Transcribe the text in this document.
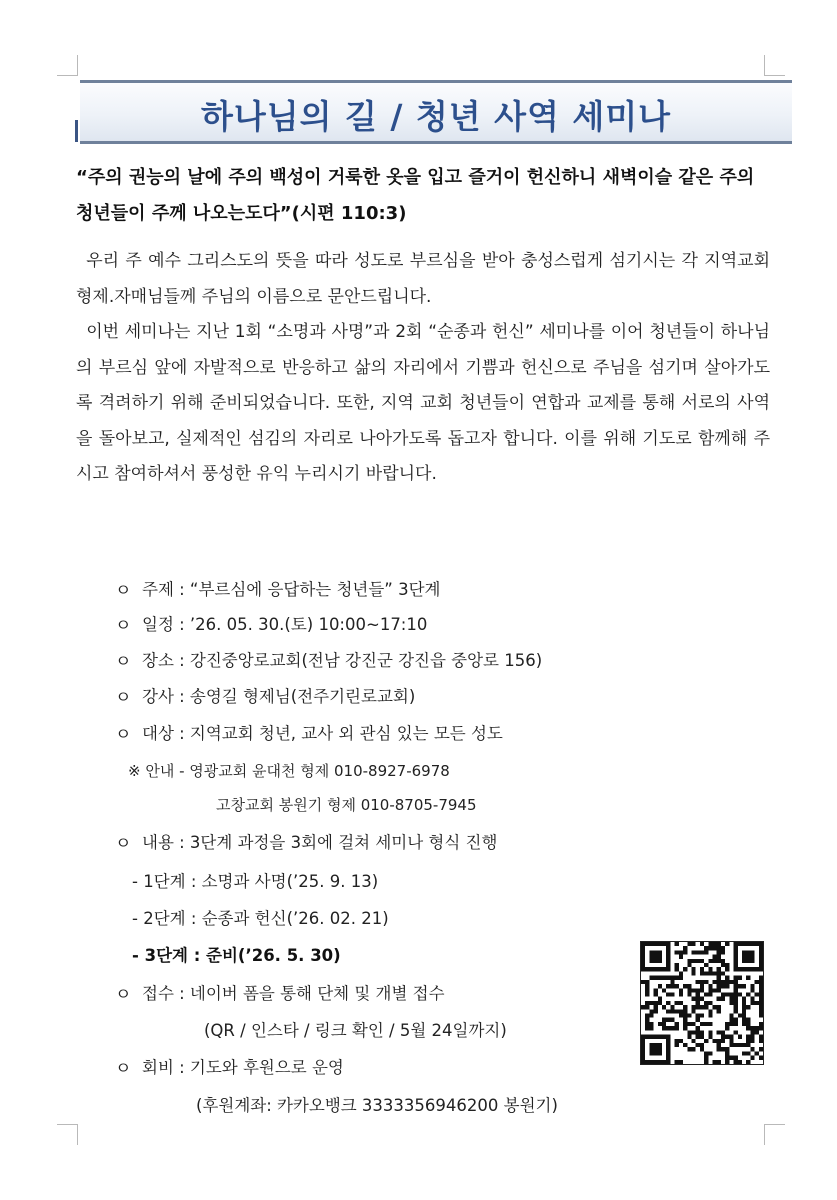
하나님의 길 / 청년 사역 세미나
“주의 권능의 날에 주의 백성이 거룩한 옷을 입고 즐거이 헌신하니 새벽이슬 같은 주의 청년들이 주께 나오는도다”(시편 110:3)

우리 주 예수 그리스도의 뜻을 따라 성도로 부르심을 받아 충성스럽게 섬기시는 각 지역교회 형제.자매님들께 주님의 이름으로 문안드립니다.

이번 세미나는 지난 1회 “소명과 사명”과 2회 “순종과 헌신” 세미나를 이어 청년들이 하나님의 부르심 앞에 자발적으로 반응하고 삶의 자리에서 기쁨과 헌신으로 주님을 섬기며 살아가도록 격려하기 위해 준비되었습니다. 또한, 지역 교회 청년들이 연합과 교제를 통해 서로의 사역을 돌아보고, 실제적인 섬김의 자리로 나아가도록 돕고자 합니다. 이를 위해 기도로 함께해 주시고 참여하셔서 풍성한 유익 누리시기 바랍니다.

ㅇ 주제 : “부르심에 응답하는 청년들” 3단계
ㅇ 일정 : ’26. 05. 30.(토) 10:00~17:10
ㅇ 장소 : 강진중앙로교회(전남 강진군 강진읍 중앙로 156)
ㅇ 강사 : 송영길 형제님(전주기린로교회)
ㅇ 대상 : 지역교회 청년, 교사 외 관심 있는 모든 성도
※ 안내 - 영광교회 윤대천 형제 010-8927-6978
고창교회 봉원기 형제 010-8705-7945
ㅇ 내용 : 3단계 과정을 3회에 걸쳐 세미나 형식 진행
- 1단계 : 소명과 사명(’25. 9. 13)
- 2단계 : 순종과 헌신(’26. 02. 21)
- 3단계 : 준비(’26. 5. 30)
ㅇ 접수 : 네이버 폼을 통해 단체 및 개별 접수
(QR / 인스타 / 링크 확인 / 5월 24일까지)
ㅇ 회비 : 기도와 후원으로 운영
(후원계좌: 카카오뱅크 3333356946200 봉원기)
